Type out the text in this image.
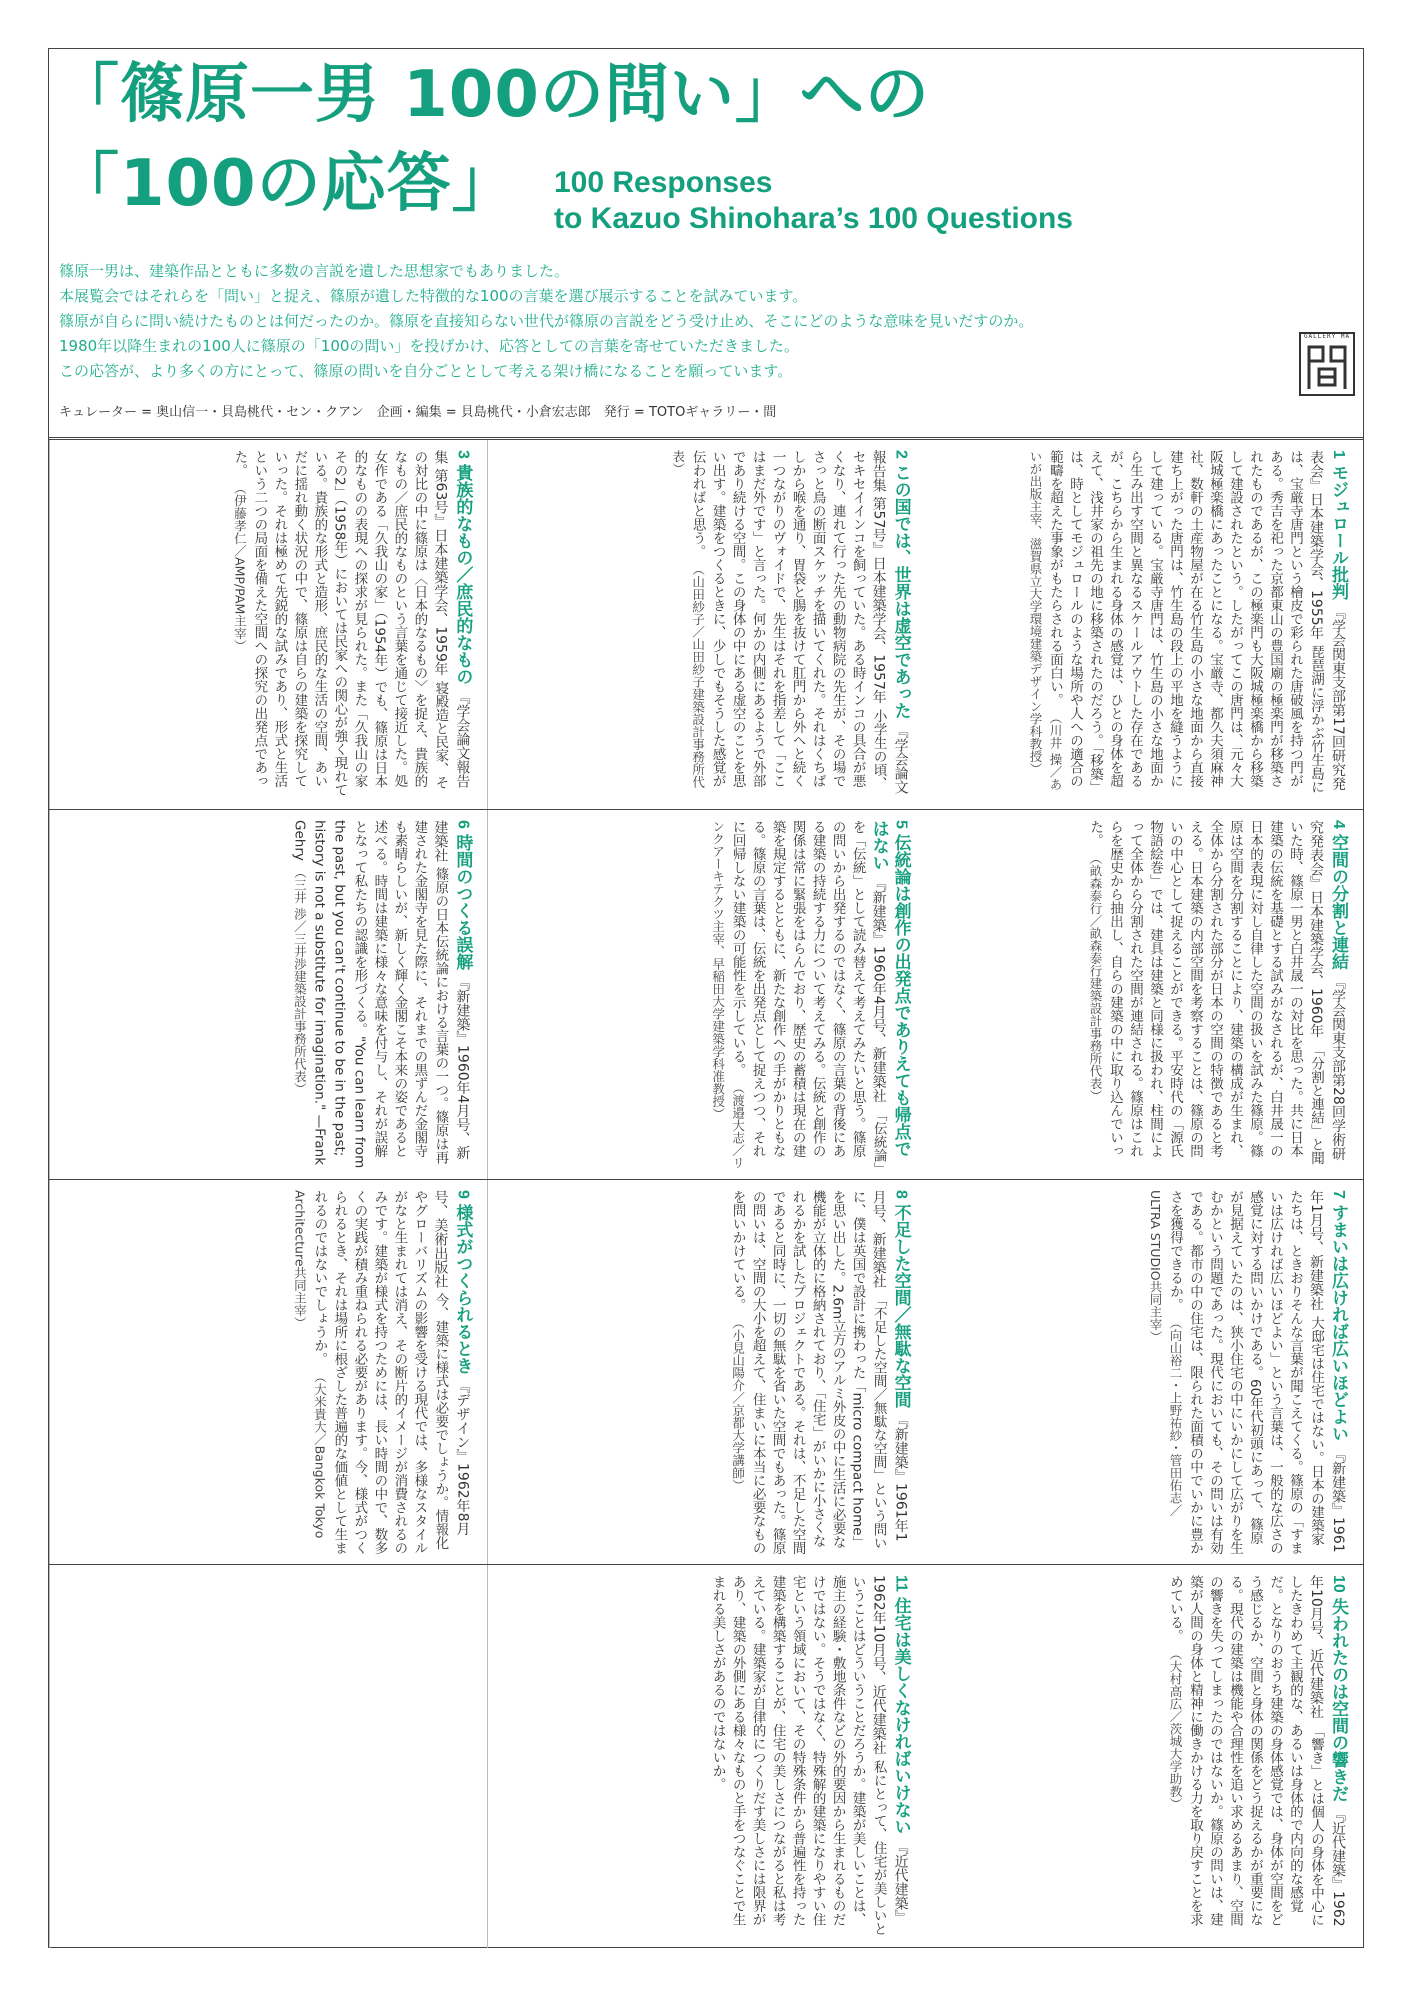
「篠原一男 100の問い」への
「100の応答」 100 Responses
to Kazuo Shinohara’s 100 Questions

篠原一男は、建築作品とともに多数の言説を遺した思想家でもありました。

本展覧会ではそれらを「問い」と捉え、篠原が遺した特徴的な100の言葉を選び展示することを試みています。

篠原が自らに問い続けたものとは何だったのか。篠原を直接知らない世代が篠原の言説をどう受け止め、そこにどのような意味を見いだすのか。

1980年以降生まれの100人に篠原の「100の問い」を投げかけ、応答としての言葉を寄せていただきました。

この応答が、より多くの方にとって、篠原の問いを自分ごととして考える架け橋になることを願っています。

キュレーター = 奥山信一・貝島桃代・セン・クアン　企画・編集 = 貝島桃代・小倉宏志郎　発行 = TOTOギャラリー・間
GALLERY MA
1 モジュロール批判 『学会関東支部第17回研究発表会』日本建築学会、1955年 琵琶湖に浮かぶ竹生島には、宝厳寺唐門という檜皮で彩られた唐破風を持つ門がある。秀吉を祀った京都東山の豊国廟の極楽門が移築されたものであるが、この極楽門も大阪城極楽橋から移築して建設されたという。したがってこの唐門は、元々大阪城極楽橋にあったことになる。宝厳寺、都久夫須麻神社、数軒の土産物屋が在る竹生島の小さな地面から直接建ち上がった唐門は、竹生島の段上の平地を縫うようにして建っている。宝厳寺唐門は、竹生島の小さな地面から生み出す空間と異なるスケールアウトした存在であるが、こちらから生まれる身体の感覚は、ひとの身体を超えて、浅井家の祖先の地に移築されたのだろう。「移築」は、時としてモジュロールのような場所や人への適合の範疇を超えた事象がもたらされる面白い。 （川井 操／あいが出版主宰、滋賀県立大学環境建築デザイン学科教授）
2 この国では、世界は虚空であった 『学会論文報告集 第57号』日本建築学会、1957年 小学生の頃、セキセイインコを飼っていた。ある時インコの具合が悪くなり、連れて行った先の動物病院の先生が、その場でさっと鳥の断面スケッチを描いてくれた。それはくちばしから喉を通り、胃袋と腸を抜けて肛門から外へと続く一つながりのヴォイドで、先生はそれを指差して「ここはまだ外です」と言った。何かの内側にあるようで外部であり続ける空間。この身体の中にある虚空のことを思い出す。建築をつくるときに、少しでもそうした感覚が伝わればと思う。 （山田紗子／山田紗子建築設計事務所代表）
3 貴族的なもの／庶民的なもの 『学会論文報告集 第63号』日本建築学会、1959年 寝殿造と民家、その対比の中に篠原は〈日本的なるもの〉を捉え、貴族的なもの／庶民的なものという言葉を通じて接近した。処女作である「久我山の家」（1954年）でも、篠原は日本的なものの表現への探求が見られた。また「久我山の家 その2」（1958年）においては民家への関心が強く現れている。貴族的な形式と造形、庶民的な生活の空間、あいだに揺れ動く状況の中で、篠原は自らの建築を探究していった。それは極めて先鋭的な試みであり、形式と生活という二つの局面を備えた空間への探究の出発点であった。 （伊藤孝仁／AMP/PAM主宰）
4 空間の分割と連結 『学会関東支部第28回学術研究発表会』日本建築学会、1960年 「分割と連結」と聞いた時、篠原一男と白井晟一の対比を思った。共に日本建築の伝統を基礎とする試みがなされるが、白井晟一の日本的表現に対し自律した空間の扱いを試みた篠原。篠原は空間を分割することにより、建築の構成が生まれ、全体から分割された部分が日本の空間の特徴であると考える。日本建築の内部空間を考察することは、篠原の問いの中心として捉えることができる。平安時代の「源氏物語絵巻」では、建具は建築と同様に扱われ、柱間によって全体から分割された空間が連結される。篠原はこれらを歴史から抽出し、自らの建築の中に取り込んでいった。 （畝森泰行／畝森泰行建築設計事務所代表）
5 伝統論は創作の出発点でありえても帰点ではない 『新建築』1960年4月号、新建築社 「伝統論」を「伝統」として読み替えて考えてみたいと思う。篠原の問いから出発するのではなく、篠原の言葉の背後にある建築の持続する力について考えてみる。伝統と創作の関係は常に緊張をはらんでおり、歴史の蓄積は現在の建築を規定するとともに、新たな創作への手がかりともなる。篠原の言葉は、伝統を出発点として捉えつつ、それに回帰しない建築の可能性を示している。 （渡邉大志／リンクアーキテクツ主宰、早稲田大学建築学科准教授）
6 時間のつくる誤解 『新建築』1960年4月号、新建築社 篠原の日本伝統論における言葉の一つ。篠原は再建された金閣寺を見た際に、それまでの黒ずんだ金閣寺も素晴らしいが、新しく輝く金閣こそ本来の姿であると述べる。時間は建築に様々な意味を付与し、それが誤解となって私たちの認識を形づくる。"You can learn from the past, but you can't continue to be in the past; history is not a substitute for imagination." —Frank Gehry （三井 渉／三井渉建築設計事務所代表）
7 すまいは広ければ広いほどよい 『新建築』1961年1月号、新建築社 大邸宅は住宅ではない。日本の建築家たちは、ときおりそんな言葉が聞こえてくる。篠原の「すまいは広ければ広いほどよい」という言葉は、一般的な広さの感覚に対する問いかけである。60年代初頭にあって、篠原が見据えていたのは、狭小住宅の中にいかにして広がりを生むかという問題であった。現代においても、その問いは有効である。都市の中の住宅は、限られた面積の中でいかに豊かさを獲得できるか。 （向山裕二・上野祐紗・管田佑志／ULTRA STUDIO共同主宰）
8 不足した空間／無駄な空間 『新建築』1961年1月号、新建築社 「不足した空間／無駄な空間」という問いに、僕は英国で設計に携わった「micro compact home」を思い出した。2.6m立方のアルミ外皮の中に生活に必要な機能が立体的に格納されており、「住宅」がいかに小さくなれるかを試したプロジェクトである。それは、不足した空間であると同時に、一切の無駄を省いた空間でもあった。篠原の問いは、空間の大小を超えて、住まいに本当に必要なものを問いかけている。 （小見山陽介／京都大学講師）
9 様式がつくられるとき 『デザイン』1962年8月号、美術出版社 今、建築に様式は必要でしょうか。情報化やグローバリズムの影響を受ける現代では、多様なスタイルがなと生まれては消え、その断片的イメージが消費されるのみです。建築が様式を持つためには、長い時間の中で、数多くの実践が積み重ねられる必要があります。今、様式がつくられるとき、それは場所に根ざした普遍的な価値として生まれるのではないでしょうか。 （大米貴大／Bangkok Tokyo Architecture共同主宰）
10 失われたのは空間の響きだ 『近代建築』1962年10月号、近代建築社 「響き」とは個人の身体を中心にしたきわめて主観的な、あるいは身体的で内向的な感覚だ。となりのおうち建築の身体感覚では、身体が空間をどう感じるか、空間と身体の関係をどう捉えるかが重要になる。現代の建築は機能や合理性を追い求めるあまり、空間の響きを失ってしまったのではないか。篠原の問いは、建築が人間の身体と精神に働きかける力を取り戻すことを求めている。 （大村高広／茨城大学助教）
11 住宅は美しくなければいけない 『近代建築』1962年10月号、近代建築社 私にとって、住宅が美しいということはどういうことだろうか。建築が美しいことは、施主の経験・敷地条件などの外的要因から生まれるものだけではない。そうではなく、特殊解的建築になりやすい住宅という領域において、その特殊条件から普遍性を持った建築を構築することが、住宅の美しさにつながると私は考えている。建築家が自律的につくりだす美しさには限界があり、建築の外側にある様々なものと手をつなぐことで生まれる美しさがあるのではないか。
